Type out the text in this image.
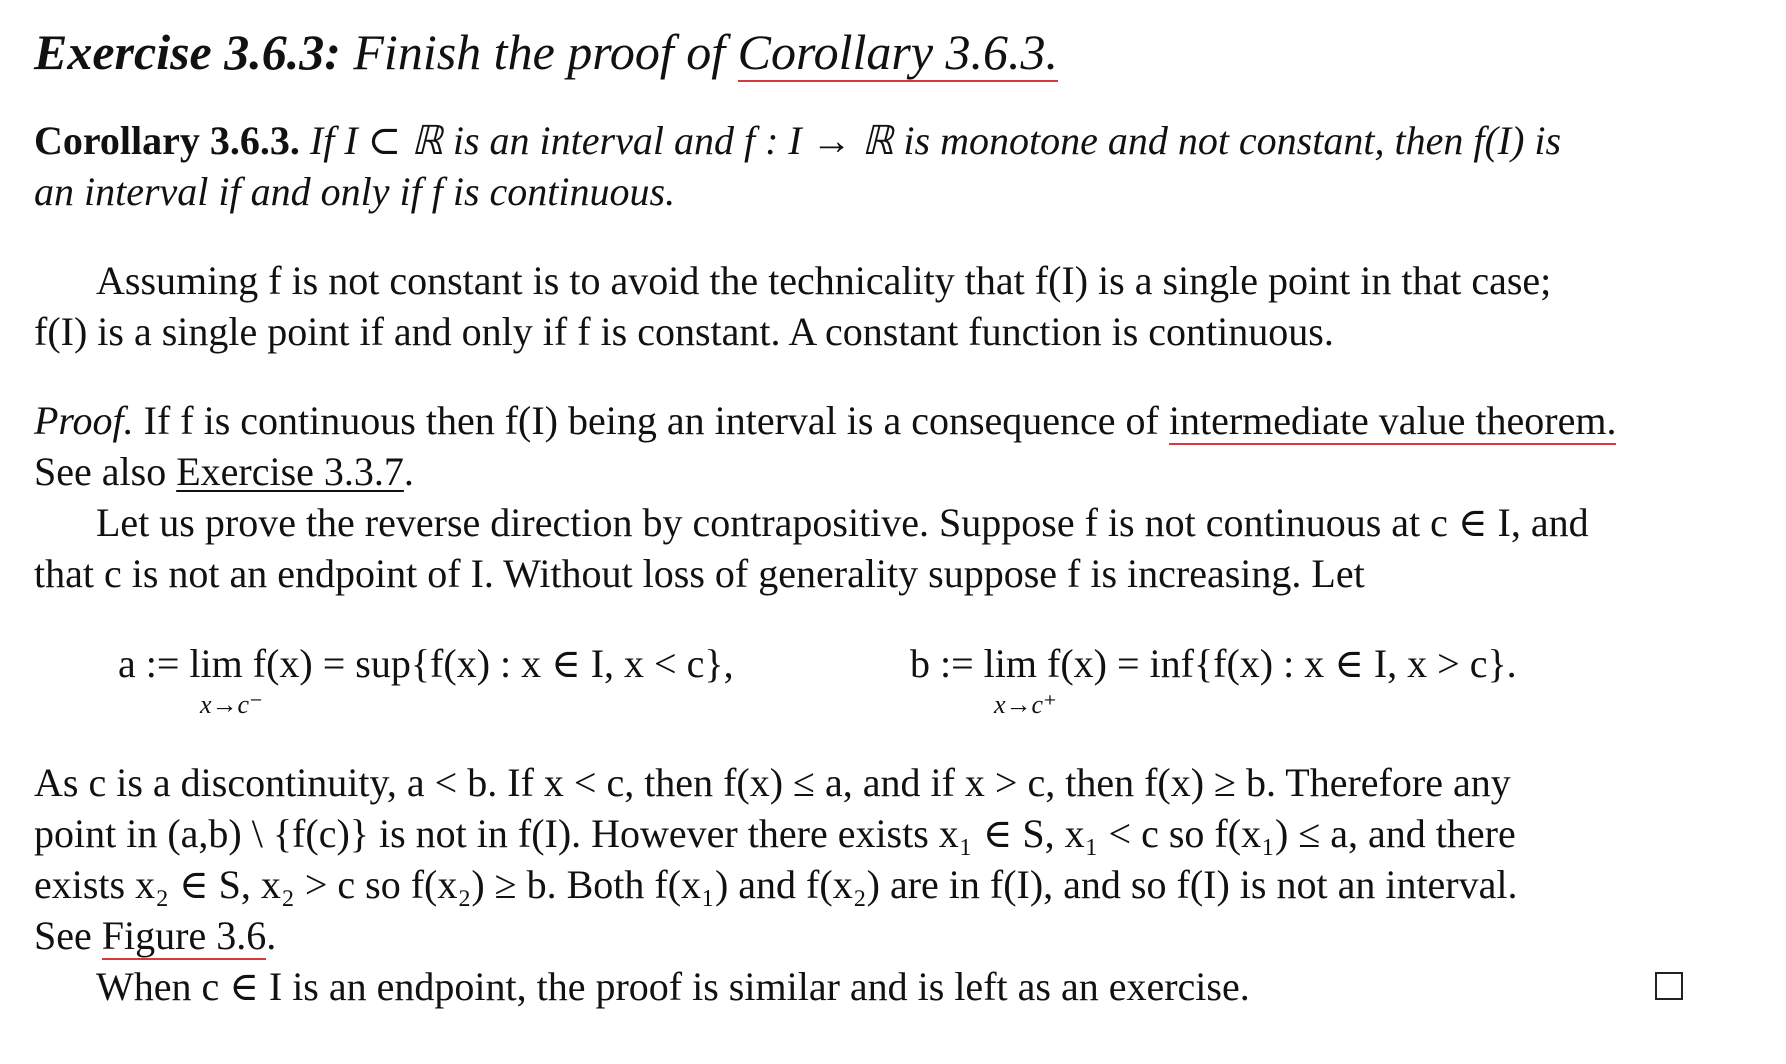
Exercise 3.6.3: Finish the proof of Corollary 3.6.3.
Corollary 3.6.3. If I ⊂ ℝ is an interval and f : I → ℝ is monotone and not constant, then f(I) is
an interval if and only if f is continuous.
Assuming f is not constant is to avoid the technicality that f(I) is a single point in that case;
f(I) is a single point if and only if f is constant. A constant function is continuous.
Proof. If f is continuous then f(I) being an interval is a consequence of intermediate value theorem.
See also Exercise 3.3.7.
Let us prove the reverse direction by contrapositive. Suppose f is not continuous at c ∈ I, and
that c is not an endpoint of I. Without loss of generality suppose f is increasing. Let
a := lim f(x) = sup{f(x) : x ∈ I, x < c},
x→c⁻
b := lim f(x) = inf{f(x) : x ∈ I, x > c}.
x→c⁺
As c is a discontinuity, a < b. If x < c, then f(x) ≤ a, and if x > c, then f(x) ≥ b. Therefore any
point in (a,b) \ {f(c)} is not in f(I). However there exists x₁ ∈ S, x₁ < c so f(x₁) ≤ a, and there
exists x₂ ∈ S, x₂ > c so f(x₂) ≥ b. Both f(x₁) and f(x₂) are in f(I), and so f(I) is not an interval.
See Figure 3.6.
When c ∈ I is an endpoint, the proof is similar and is left as an exercise.
